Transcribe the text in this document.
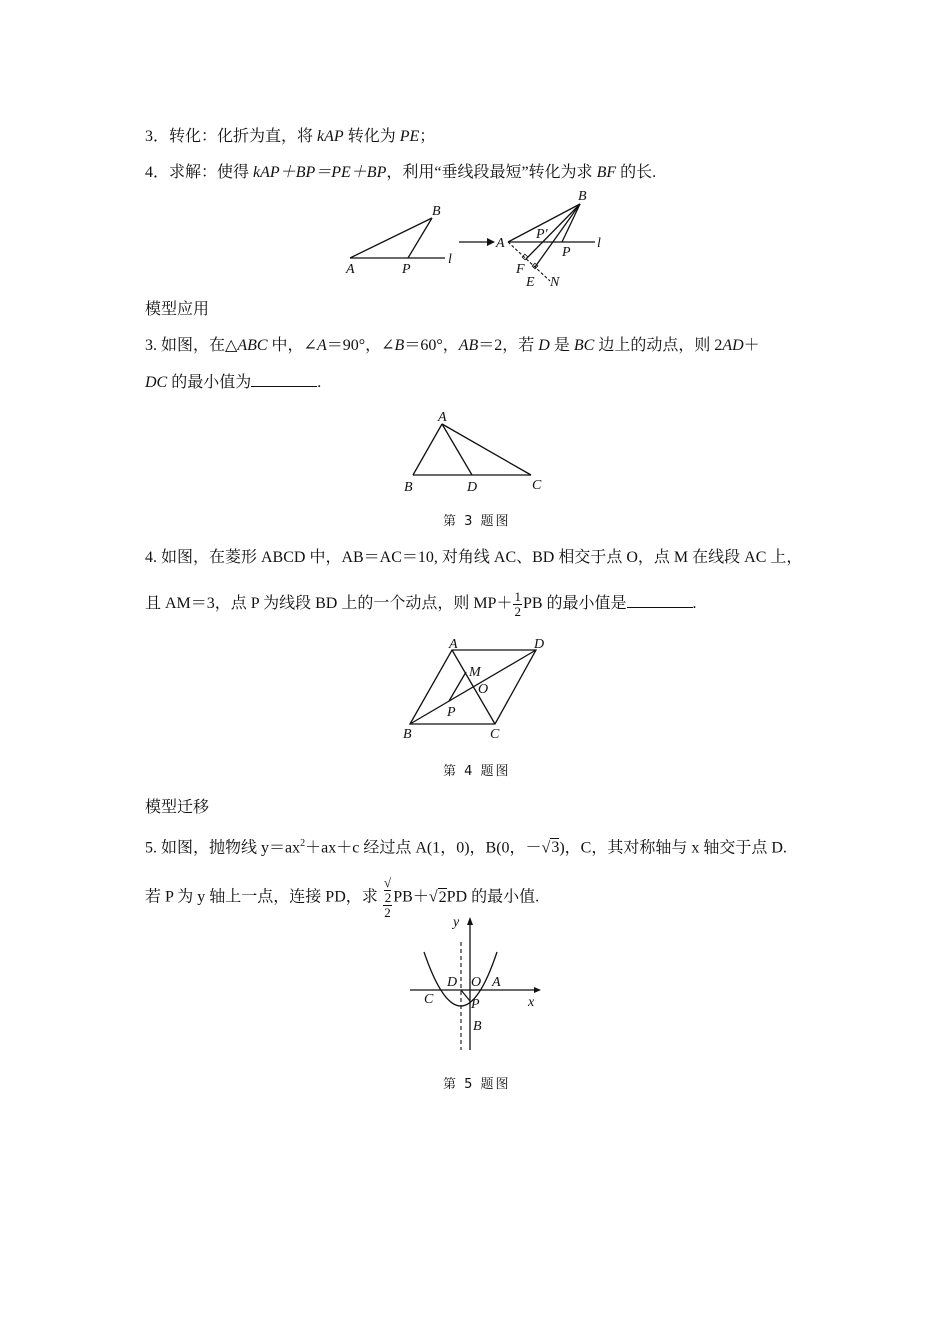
3．转化：化折为直，将 kAP 转化为 PE；
4．求解：使得 kAP＋BP＝PE＋BP，利用“垂线段最短”转化为求 BF 的长.
A	P
B
l
A
B
P′
P
l
F
E N
模型应用
3. 如图，在△ABC 中，∠A＝90°，∠B＝60°，AB＝2，若 D 是 BC 边上的动点，则 2AD＋
DC 的最小值为	.
A
B	D	C
第 3 题图
4. 如图，在菱形 ABCD 中，AB＝AC＝10, 对角线 AC、BD 相交于点 O，点 M 在线段 AC 上，
且 AM＝3，点 P 为线段 BD 上的一个动点，则 $MP+ \frac{1}{2}$ PB 的最小值是	.
A	D
M
O
P
B	C
第 4 题图
模型迁移
5. 如图，抛物线 $y=ax^2+ax+c$ 经过点 A(1，0)，B(0，－√3)，C，其对称轴与 x 轴交于点 D.
若 P 为 y 轴上一点，连接 PD，求 √
2
2 PB＋√2PD 的最小值.
y
x
D O A
C	P
B
第 5 题图
